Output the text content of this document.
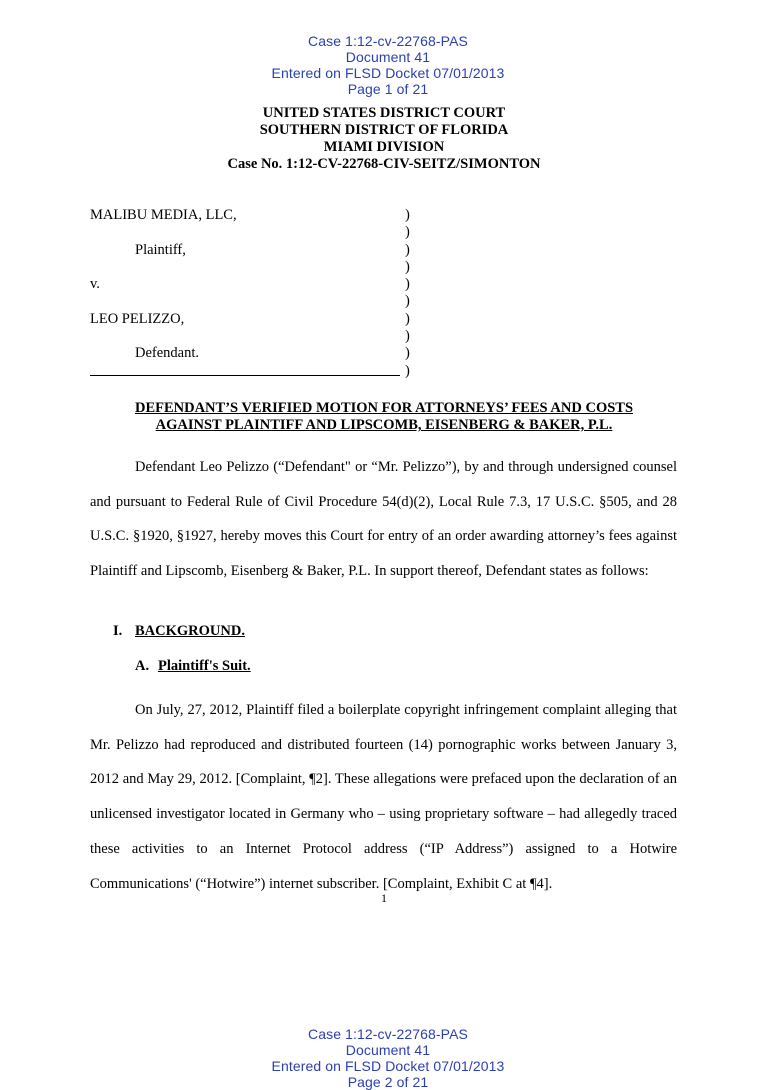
Case 1:12-cv-22768-PAS
Document 41
Entered on FLSD Docket 07/01/2013
Page 1 of 21

UNITED STATES DISTRICT COURT
SOUTHERN DISTRICT OF FLORIDA
MIAMI DIVISION
Case No. 1:12-CV-22768-CIV-SEITZ/SIMONTON
MALIBU MEDIA, LLC,	)
)
Plaintiff,	)
)
v.	)
)
LEO PELIZZO,	)
)
Defendant.	)
)
DEFENDANT’S VERIFIED MOTION FOR ATTORNEYS’ FEES AND COSTS
AGAINST PLAINTIFF AND LIPSCOMB, EISENBERG & BAKER, P.L.

Defendant Leo Pelizzo (“Defendant" or “Mr. Pelizzo”), by and through undersigned counsel and pursuant to Federal Rule of Civil Procedure 54(d)(2), Local Rule 7.3, 17 U.S.C. §505, and 28 U.S.C. §1920, §1927, hereby moves this Court for entry of an order awarding attorney’s fees against Plaintiff and Lipscomb, Eisenberg & Baker, P.L. In support thereof, Defendant states as follows:

I. BACKGROUND.
A. Plaintiff's Suit.

On July, 27, 2012, Plaintiff filed a boilerplate copyright infringement complaint alleging that Mr. Pelizzo had reproduced and distributed fourteen (14) pornographic works between January 3, 2012 and May 29, 2012. [Complaint, ¶2]. These allegations were prefaced upon the declaration of an unlicensed investigator located in Germany who – using proprietary software – had allegedly traced these activities to an Internet Protocol address (“IP Address”) assigned to a Hotwire Communications' (“Hotwire”) internet subscriber. [Complaint, Exhibit C at ¶4].

1

Case 1:12-cv-22768-PAS
Document 41
Entered on FLSD Docket 07/01/2013
Page 2 of 21
